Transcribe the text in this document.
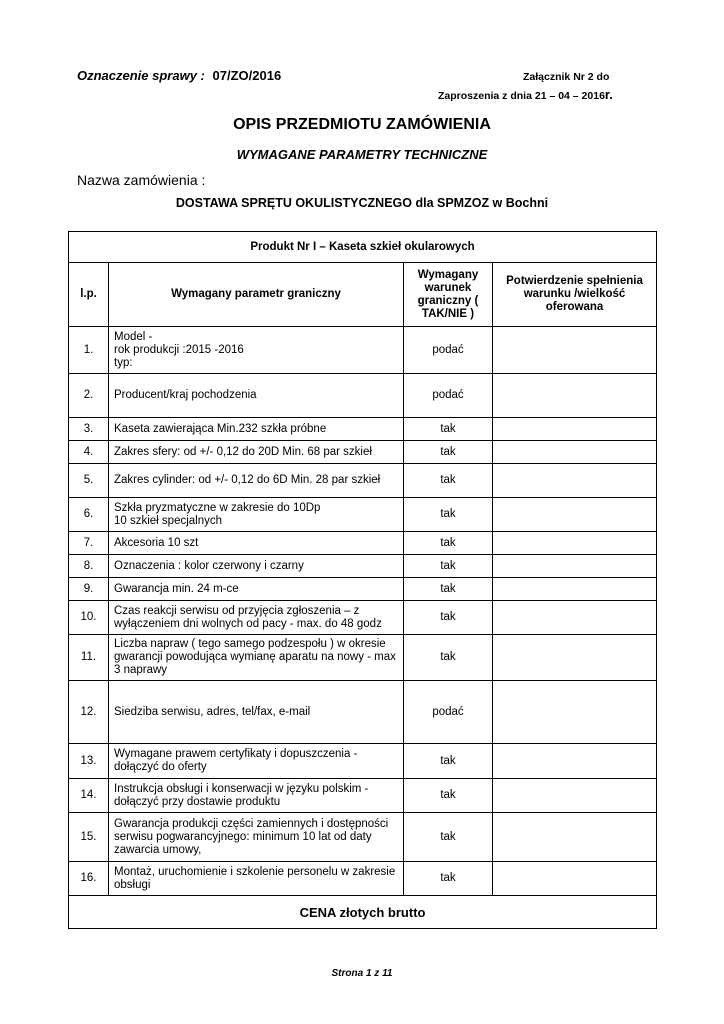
Oznaczenie sprawy : 07/ZO/2016	Załącznik Nr 2 do
Zaproszenia z dnia 21 – 04 – 2016r.
OPIS PRZEDMIOTU ZAMÓWIENIA
WYMAGANE PARAMETRY TECHNICZNE
Nazwa zamówienia :
DOSTAWA SPRĘTU OKULISTYCZNEGO dla SPMZOZ w Bochni
Produkt Nr I – Kaseta szkieł okularowych			
l.p.	Wymagany parametr graniczny	Wymagany warunek graniczny ( TAK/NIE )	Potwierdzenie spełnienia warunku /wielkość oferowana
1.	Model -
rok produkcji :2015 -2016
typ:	podać	
2.	Producent/kraj pochodzenia	podać	
3.	Kaseta zawierająca Min.232 szkła próbne	tak	
4.	Zakres sfery: od +/- 0,12 do 20D Min. 68 par szkieł	tak	
5.	Zakres cylinder: od +/- 0,12 do 6D Min. 28 par szkieł	tak	
6.	Szkła pryzmatyczne w zakresie do 10Dp
10 szkieł specjalnych	tak	
7.	Akcesoria 10 szt	tak	
8.	Oznaczenia : kolor czerwony i czarny	tak	
9.	Gwarancja min. 24 m-ce	tak	
10.	Czas reakcji serwisu od przyjęcia zgłoszenia – z wyłączeniem dni wolnych od pacy - max. do 48 godz	tak	
11.	Liczba napraw ( tego samego podzespołu ) w okresie gwarancji powodująca wymianę aparatu na nowy - max 3 naprawy	tak	
12.	Siedziba serwisu, adres, tel/fax, e-mail	podać	
13.	Wymagane prawem certyfikaty i dopuszczenia - dołączyć do oferty	tak	
14.	Instrukcja obsługi i konserwacji w języku polskim - dołączyć przy dostawie produktu	tak	
15.	Gwarancja produkcji części zamiennych i dostępności serwisu pogwarancyjnego: minimum 10 lat od daty zawarcia umowy,	tak	
16.	Montaż, uruchomienie i szkolenie personelu w zakresie obsługi	tak	
CENA złotych brutto			
Strona 1 z 11
